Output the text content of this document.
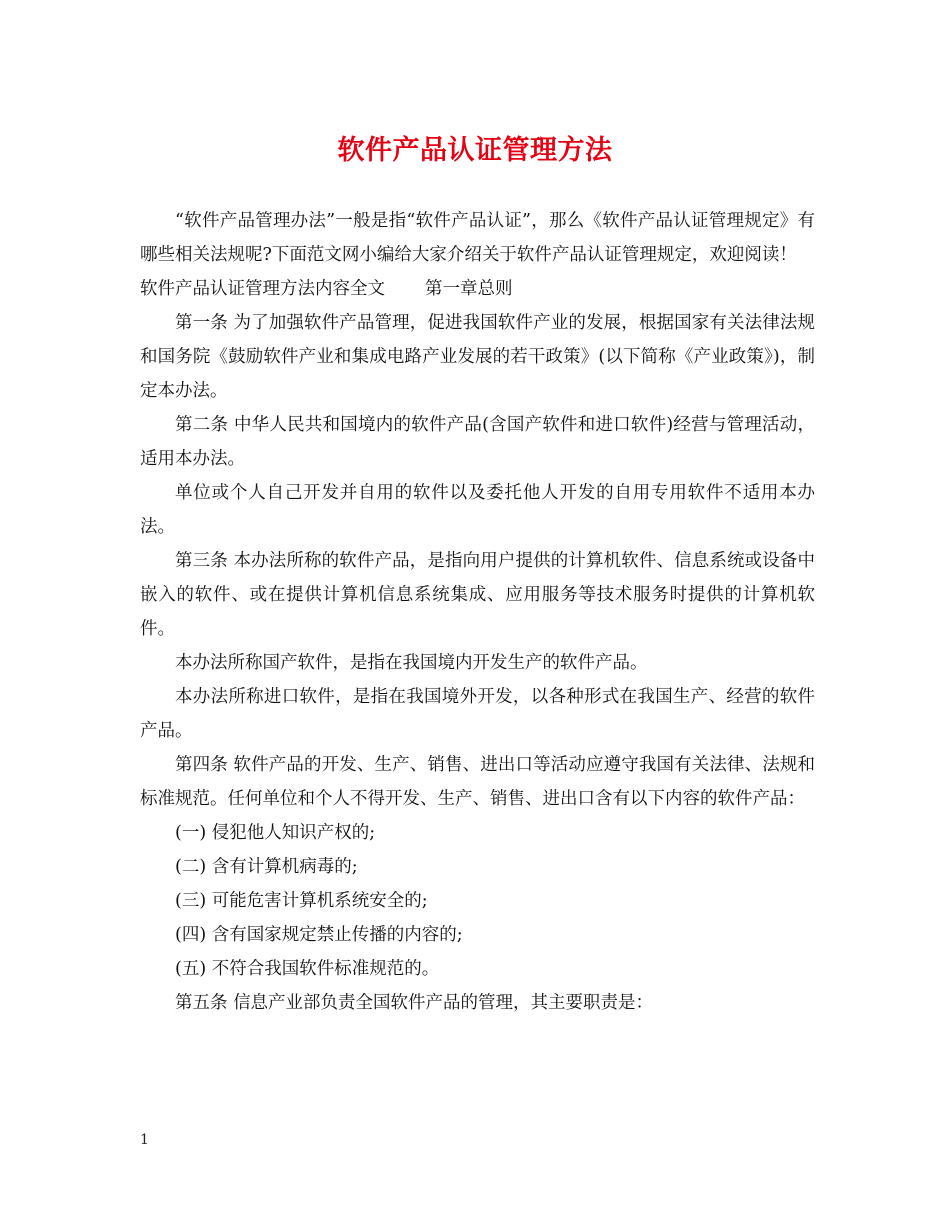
软件产品认证管理方法

“软件产品管理办法”一般是指“软件产品认证”，那么《软件产品认证管理规定》有哪些相关法规呢?下面范文网小编给大家介绍关于软件产品认证管理规定，欢迎阅读！

软件产品认证管理方法内容全文 第一章总则

第一条 为了加强软件产品管理，促进我国软件产业的发展，根据国家有关法律法规和国务院《鼓励软件产业和集成电路产业发展的若干政策》(以下简称《产业政策》)，制定本办法。

第二条 中华人民共和国境内的软件产品(含国产软件和进口软件)经营与管理活动，适用本办法。

单位或个人自己开发并自用的软件以及委托他人开发的自用专用软件不适用本办法。

第三条 本办法所称的软件产品，是指向用户提供的计算机软件、信息系统或设备中嵌入的软件、或在提供计算机信息系统集成、应用服务等技术服务时提供的计算机软件。

本办法所称国产软件，是指在我国境内开发生产的软件产品。

本办法所称进口软件，是指在我国境外开发，以各种形式在我国生产、经营的软件产品。

第四条 软件产品的开发、生产、销售、进出口等活动应遵守我国有关法律、法规和标准规范。任何单位和个人不得开发、生产、销售、进出口含有以下内容的软件产品：

(一) 侵犯他人知识产权的;

(二) 含有计算机病毒的;

(三) 可能危害计算机系统安全的;

(四) 含有国家规定禁止传播的内容的;

(五) 不符合我国软件标准规范的。

第五条 信息产业部负责全国软件产品的管理，其主要职责是：

1
